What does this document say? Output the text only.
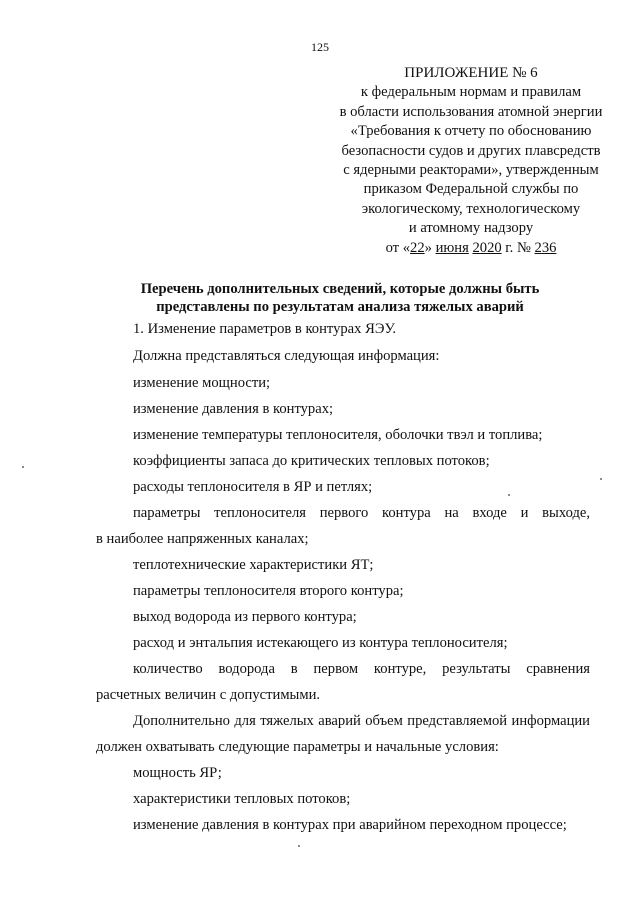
125
ПРИЛОЖЕНИЕ № 6
к федеральным нормам и правилам
в области использования атомной энергии
«Требования к отчету по обоснованию
безопасности судов и других плавсредств
с ядерными реакторами», утвержденным
приказом Федеральной службы по
экологическому, технологическому
и атомному надзору
от «22» июня 2020 г. № 236
Перечень дополнительных сведений, которые должны быть
представлены по результатам анализа тяжелых аварий
1. Изменение параметров в контурах ЯЭУ.
Должна представляться следующая информация:
изменение мощности;
изменение давления в контурах;
изменение температуры теплоносителя, оболочки твэл и топлива;
коэффициенты запаса до критических тепловых потоков;
расходы теплоносителя в ЯР и петлях;
параметры теплоносителя первого контура на входе и выходе,
в наиболее напряженных каналах;
теплотехнические характеристики ЯТ;
параметры теплоносителя второго контура;
выход водорода из первого контура;
расход и энтальпия истекающего из контура теплоносителя;
количество водорода в первом контуре, результаты сравнения
расчетных величин с допустимыми.
Дополнительно для тяжелых аварий объем представляемой информации
должен охватывать следующие параметры и начальные условия:
мощность ЯР;
характеристики тепловых потоков;
изменение давления в контурах при аварийном переходном процессе;
